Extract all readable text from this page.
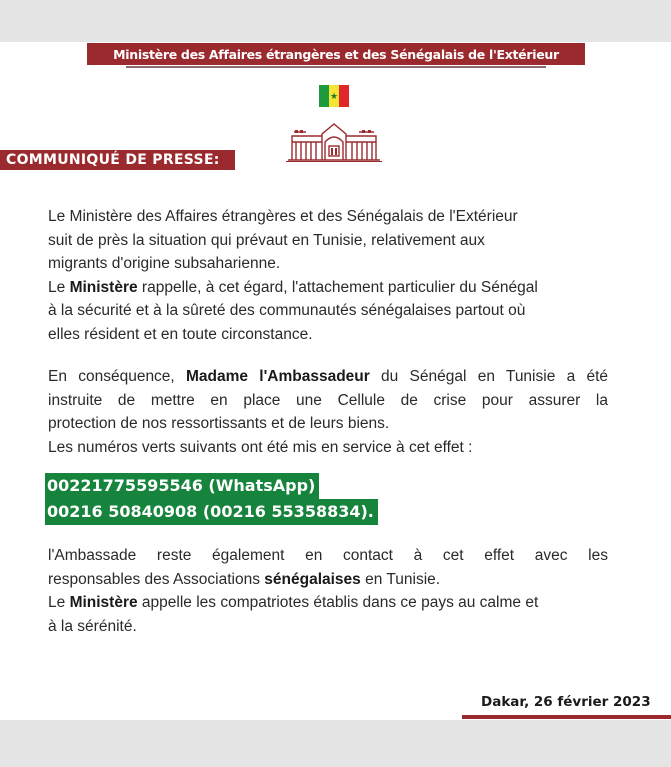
Ministère des Affaires étrangères et des Sénégalais de l'Extérieur
★
COMMUNIQUÉ DE PRESSE:

Le Ministère des Affaires étrangères et des Sénégalais de l'Extérieur

suit de près la situation qui prévaut en Tunisie, relativement aux

migrants d'origine subsaharienne.

Le Ministère rappelle, à cet égard, l'attachement particulier du Sénégal

à la sécurité et à la sûreté des communautés sénégalaises partout où

elles résident et en toute circonstance.

En conséquence, Madame l'Ambassadeur du Sénégal en Tunisie a été

instruite de mettre en place une Cellule de crise pour assurer la

protection de nos ressortissants et de leurs biens.

Les numéros verts suivants ont été mis en service à cet effet :

00221775595546 (WhatsApp)
00216 50840908 (00216 55358834).

l'Ambassade reste également en contact à cet effet avec les

responsables des Associations sénégalaises en Tunisie.

Le Ministère appelle les compatriotes établis dans ce pays au calme et

à la sérénité.

Dakar, 26 février 2023
